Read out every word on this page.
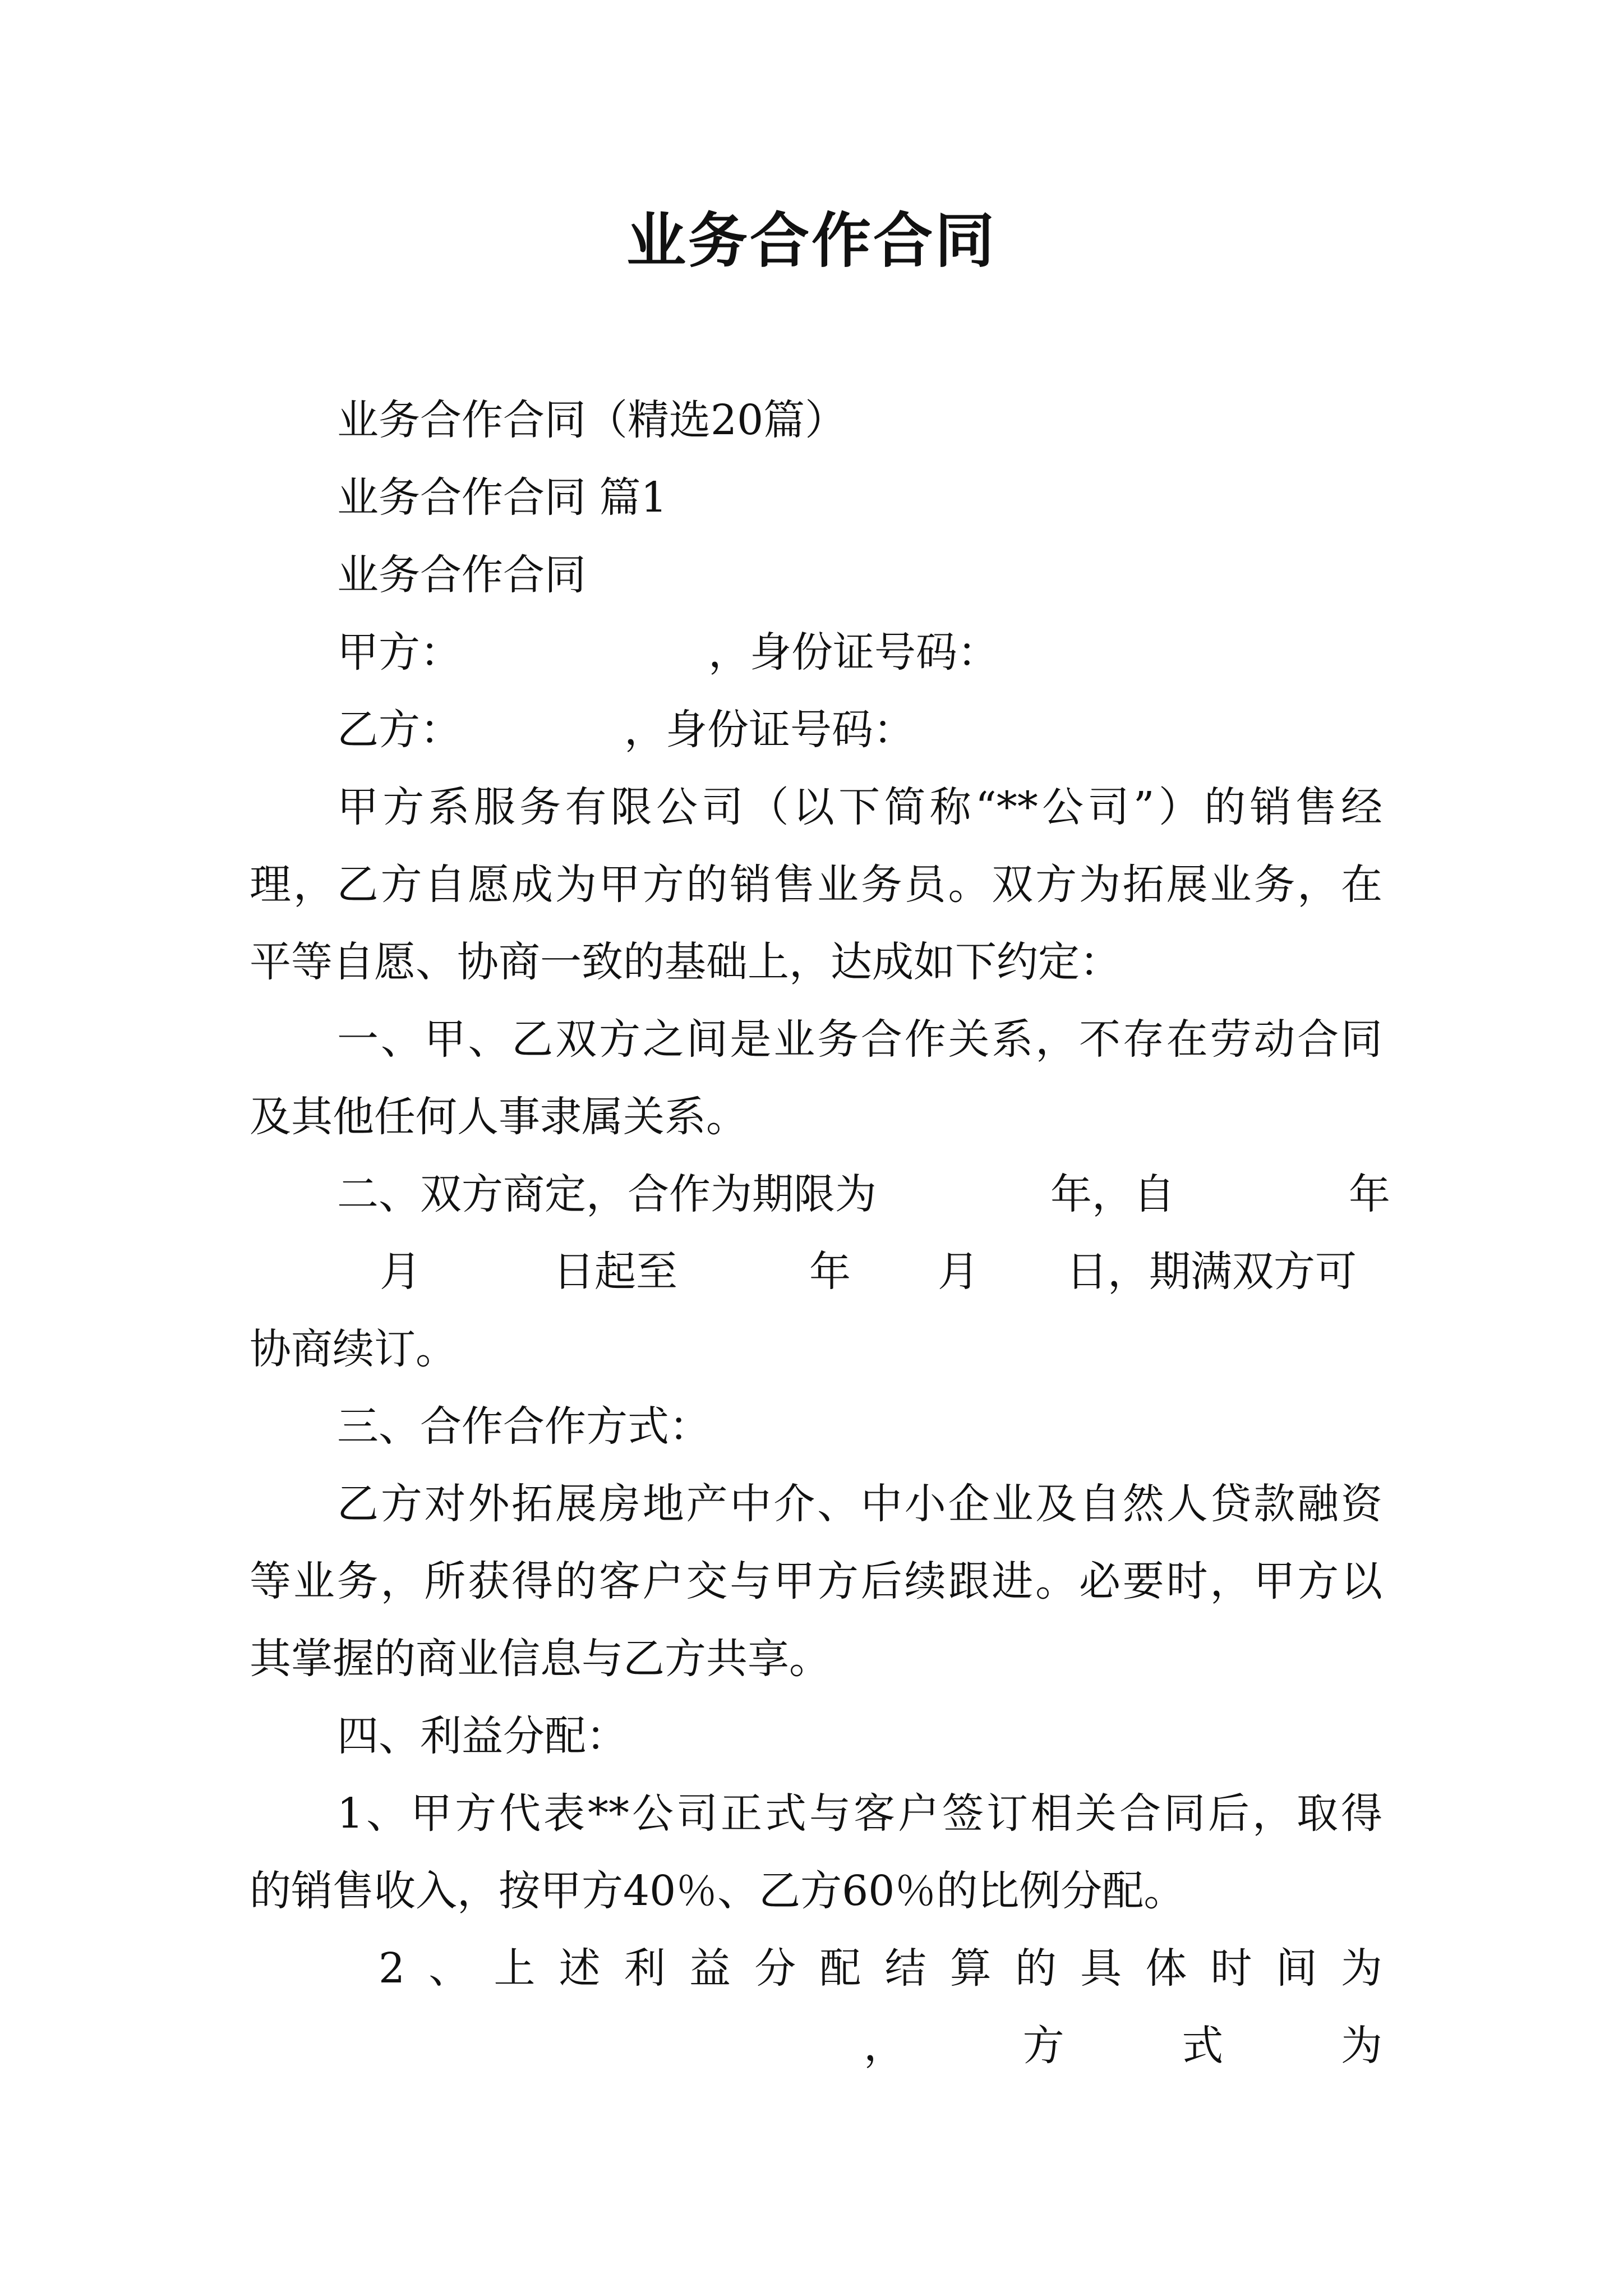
业务合作合同

业务合作合同（精选20篇）

业务合作合同 篇1

业务合作合同

甲方：	，身份证号码：

乙方：	，身份证号码：

甲方系服务有限公司（以下简称“**公司”）的销售经

理，乙方自愿成为甲方的销售业务员。双方为拓展业务，在

平等自愿、协商一致的基础上，达成如下约定：

一、甲、乙双方之间是业务合作关系，不存在劳动合同

及其他任何人事隶属关系。

二、双方商定，合作为期限为	年，自	年

月	日起至	年 月 日，期满双方可

协商续订。

三、合作合作方式：

乙方对外拓展房地产中介、中小企业及自然人贷款融资

等业务，所获得的客户交与甲方后续跟进。必要时，甲方以

其掌握的商业信息与乙方共享。

四、利益分配：

1、甲方代表**公司正式与客户签订相关合同后，取得

的销售收入，按甲方40％、乙方60％的比例分配。

2 、 上 述 利 益 分 配 结 算 的 具 体 时 间 为
，	方	式	为
